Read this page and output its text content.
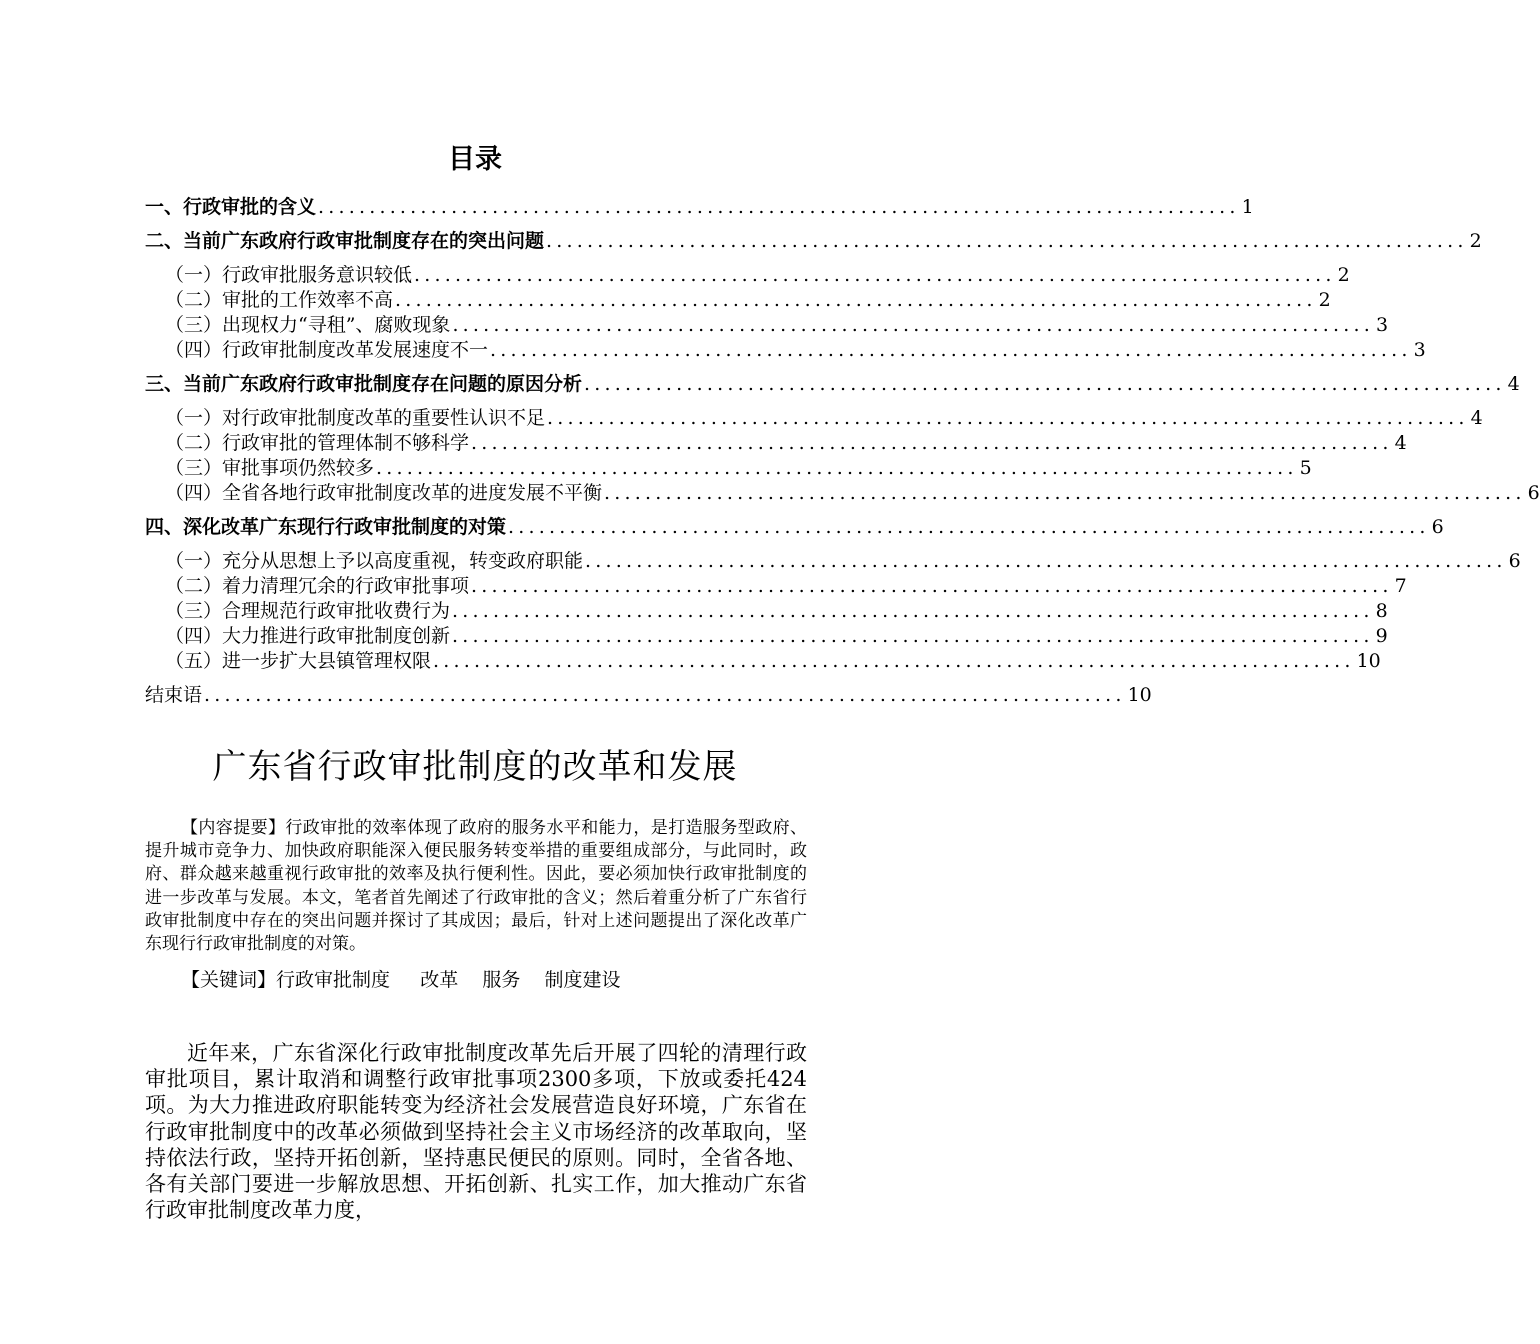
目录
一、行政审批的含义 .......................................................................................... 1
二、当前广东政府行政审批制度存在的突出问题 .......................................................................................... 2
（一）行政审批服务意识较低 .......................................................................................... 2
（二）审批的工作效率不高 .......................................................................................... 2
（三）出现权力“寻租”、腐败现象 .......................................................................................... 3
（四）行政审批制度改革发展速度不一 .......................................................................................... 3
三、当前广东政府行政审批制度存在问题的原因分析 .......................................................................................... 4
（一）对行政审批制度改革的重要性认识不足 .......................................................................................... 4
（二）行政审批的管理体制不够科学 .......................................................................................... 4
（三）审批事项仍然较多 .......................................................................................... 5
（四）全省各地行政审批制度改革的进度发展不平衡 .......................................................................................... 6
四、深化改革广东现行行政审批制度的对策 .......................................................................................... 6
（一）充分从思想上予以高度重视，转变政府职能 .......................................................................................... 6
（二）着力清理冗余的行政审批事项 .......................................................................................... 7
（三）合理规范行政审批收费行为 .......................................................................................... 8
（四）大力推进行政审批制度创新 .......................................................................................... 9
（五）进一步扩大县镇管理权限 .......................................................................................... 10
结束语 .......................................................................................... 10
广东省行政审批制度的改革和发展

【内容提要】行政审批的效率体现了政府的服务水平和能力，是打造服务型政府、提升城市竞争力、加快政府职能深入便民服务转变举措的重要组成部分，与此同时，政府、群众越来越重视行政审批的效率及执行便利性。因此，要必须加快行政审批制度的进一步改革与发展。本文，笔者首先阐述了行政审批的含义；然后着重分析了广东省行政审批制度中存在的突出问题并探讨了其成因；最后，针对上述问题提出了深化改革广东现行行政审批制度的对策。

【关键词】行政审批制度     改革    服务    制度建设

近年来，广东省深化行政审批制度改革先后开展了四轮的清理行政审批项目，累计取消和调整行政审批事项2300多项，下放或委托424项。为大力推进政府职能转变为经济社会发展营造良好环境，广东省在行政审批制度中的改革必须做到坚持社会主义市场经济的改革取向，坚持依法行政，坚持开拓创新，坚持惠民便民的原则。同时，全省各地、各有关部门要进一步解放思想、开拓创新、扎实工作，加大推动广东省行政审批制度改革力度，
